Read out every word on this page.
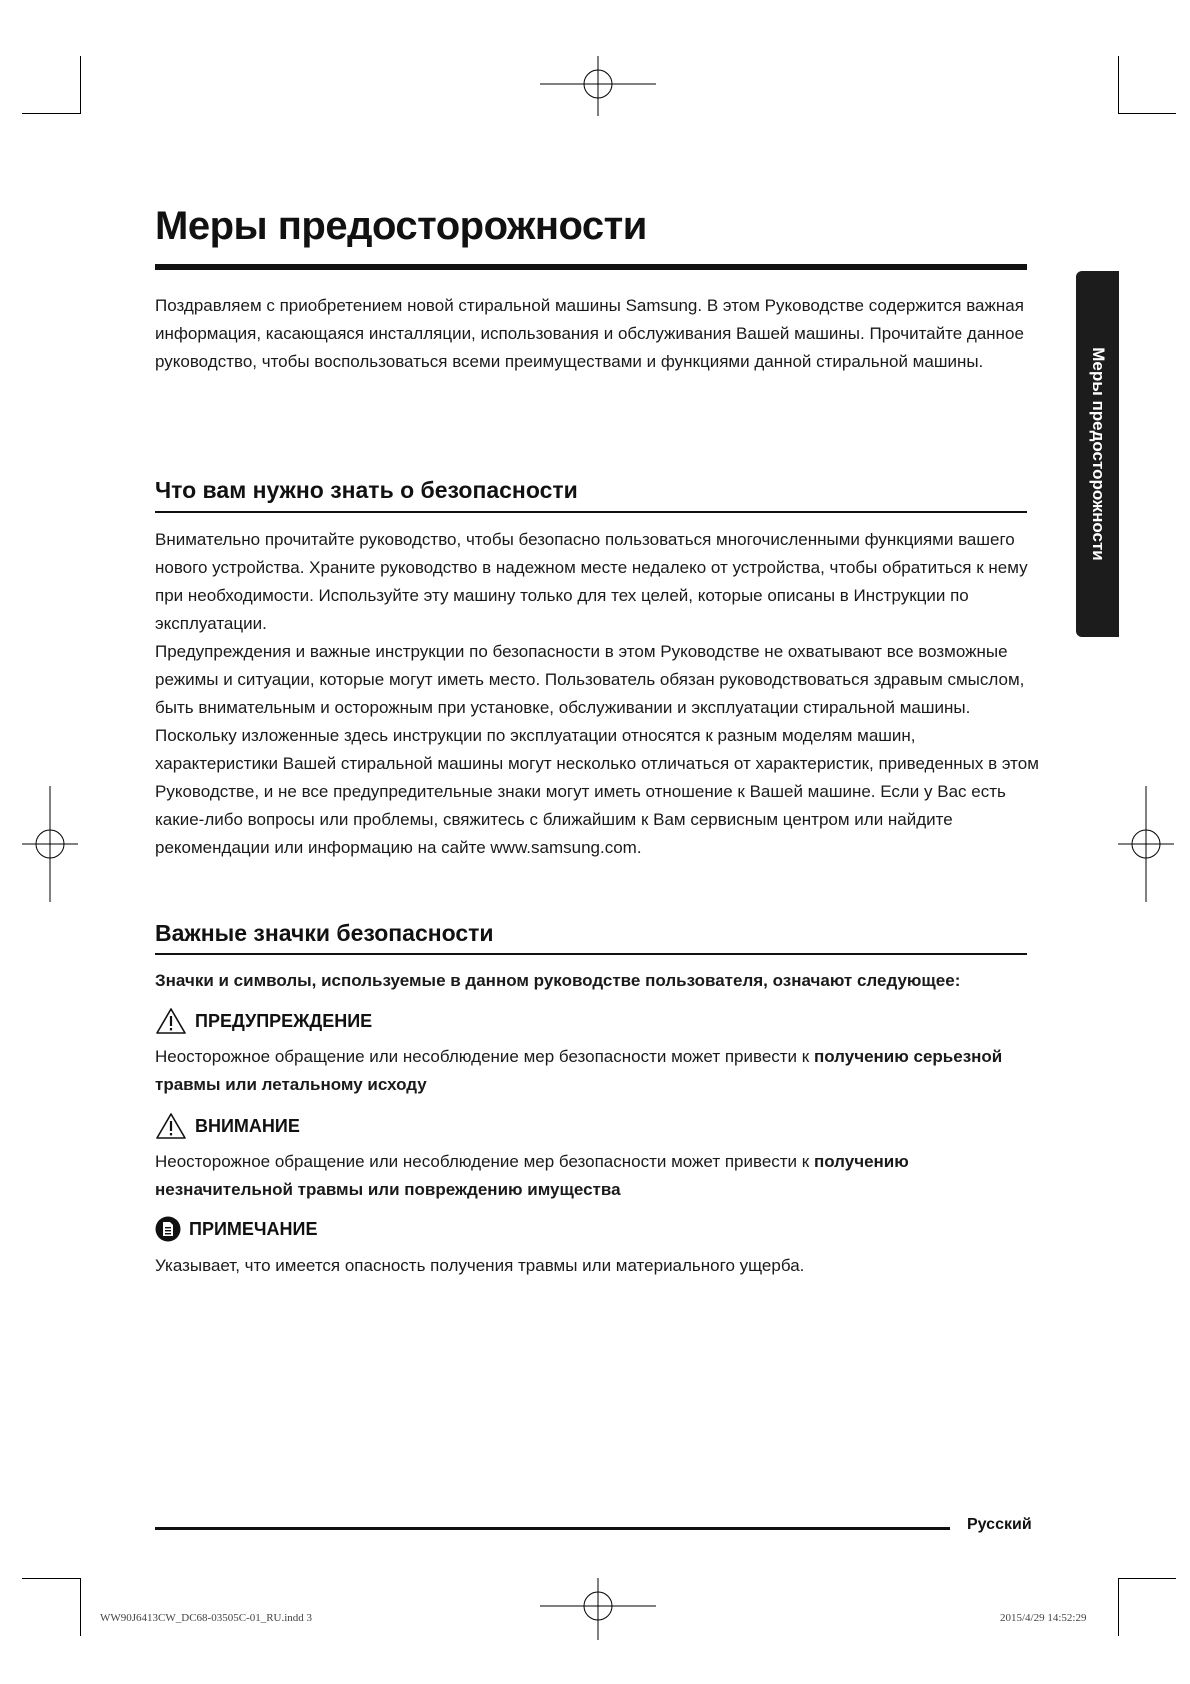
Меры предосторожности
Меры предосторожности

Поздравляем с приобретением новой стиральной машины Samsung. В этом Руководстве содержится важная информация, касающаяся инсталляции, использования и обслуживания Вашей машины. Прочитайте данное руководство, чтобы воспользоваться всеми преимуществами и функциями данной стиральной машины.

Что вам нужно знать о безопасности

Внимательно прочитайте руководство, чтобы безопасно пользоваться многочисленными функциями вашего нового устройства. Храните руководство в надежном месте недалеко от устройства, чтобы обратиться к нему при необходимости. Используйте эту машину только для тех целей, которые описаны в Инструкции по эксплуатации.

Предупреждения и важные инструкции по безопасности в этом Руководстве не охватывают все возможные режимы и ситуации, которые могут иметь место. Пользователь обязан руководствоваться здравым смыслом, быть внимательным и осторожным при установке, обслуживании и эксплуатации стиральной машины. Поскольку изложенные здесь инструкции по эксплуатации относятся к разным моделям машин, характеристики Вашей стиральной машины могут несколько отличаться от характеристик, приведенных в этом Руководстве, и не все предупредительные знаки могут иметь отношение к Вашей машине. Если у Вас есть какие-либо вопросы или проблемы, свяжитесь с ближайшим к Вам сервисным центром или найдите рекомендации или информацию на сайте www.samsung.com.

Важные значки безопасности

Значки и символы, используемые в данном руководстве пользователя, означают следующее:

ПРЕДУПРЕЖДЕНИЕ

Неосторожное обращение или несоблюдение мер безопасности может привести к получению серьезной травмы или летальному исходу

ВНИМАНИЕ

Неосторожное обращение или несоблюдение мер безопасности может привести к получению незначительной травмы или повреждению имущества

ПРИМЕЧАНИЕ

Указывает, что имеется опасность получения травмы или материального ущерба.

Русский
WW90J6413CW_DC68-03505C-01_RU.indd 3	2015/4/29 14:52:29
